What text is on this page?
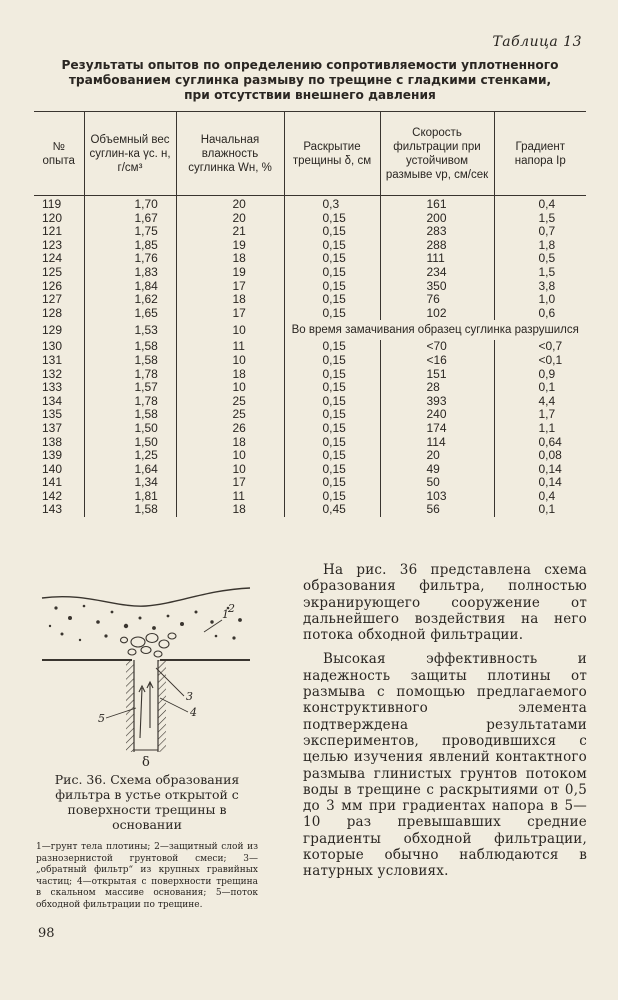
Таблица 13
Результаты опытов по определению сопротивляемости уплотненного
трамбованием суглинка размыву по трещине с гладкими стенками,
при отсутствии внешнего давления
№ опыта	Объемный вес суглин-ка γс. н, г/см³	Начальная влажность суглинка Wн, %	Раскрытие трещины δ, см	Скорость фильтрации при устойчивом размыве vр, см/сек	Градиент напора Iр
119	1,70	20	0,3	161	0,4
120	1,67	20	0,15	200	1,5
121	1,75	21	0,15	283	0,7
123	1,85	19	0,15	288	1,8
124	1,76	18	0,15	111	0,5
125	1,83	19	0,15	234	1,5
126	1,84	17	0,15	350	3,8
127	1,62	18	0,15	76	1,0
128	1,65	17	0,15	102	0,6
129	1,53	10	Во время замачивания образец суглинка разрушился		
130	1,58	11	0,15	<70	<0,7
131	1,58	10	0,15	<16	<0,1
132	1,78	18	0,15	151	0,9
133	1,57	10	0,15	28	0,1
134	1,78	25	0,15	393	4,4
135	1,58	25	0,15	240	1,7
137	1,50	26	0,15	174	1,1
138	1,50	18	0,15	114	0,64
139	1,25	10	0,15	20	0,08
140	1,64	10	0,15	49	0,14
141	1,34	17	0,15	50	0,14
142	1,81	11	0,15	103	0,4
143	1,58	18	0,45	56	0,1
δ
1 2
3
4
5
Рис. 36. Схема образования фильтра в устье открытой с поверхности трещины в основании
1—грунт тела плотины; 2—защитный слой из разнозернистой грунтовой смеси; 3—„обратный фильтр“ из крупных гравийных частиц; 4—открытая с поверхности трещина в скальном массиве основания; 5—поток обходной фильтрации по трещине.

На рис. 36 представлена схема образования фильтра, полностью экранирующего сооружение от дальнейшего воздействия на него потока обходной фильтрации.

Высокая эффективность и надежность защиты плотины от размыва с помощью предлагаемого конструктивного элемента подтверждена результатами экспериментов, проводившихся с целью изучения явлений контактного размыва глинистых грунтов потоком воды в трещине с раскрытиями от 0,5 до 3 мм при градиентах напора в 5—10 раз превышавших средние градиенты обходной фильтрации, которые обычно наблюдаются в натурных условиях.

98
